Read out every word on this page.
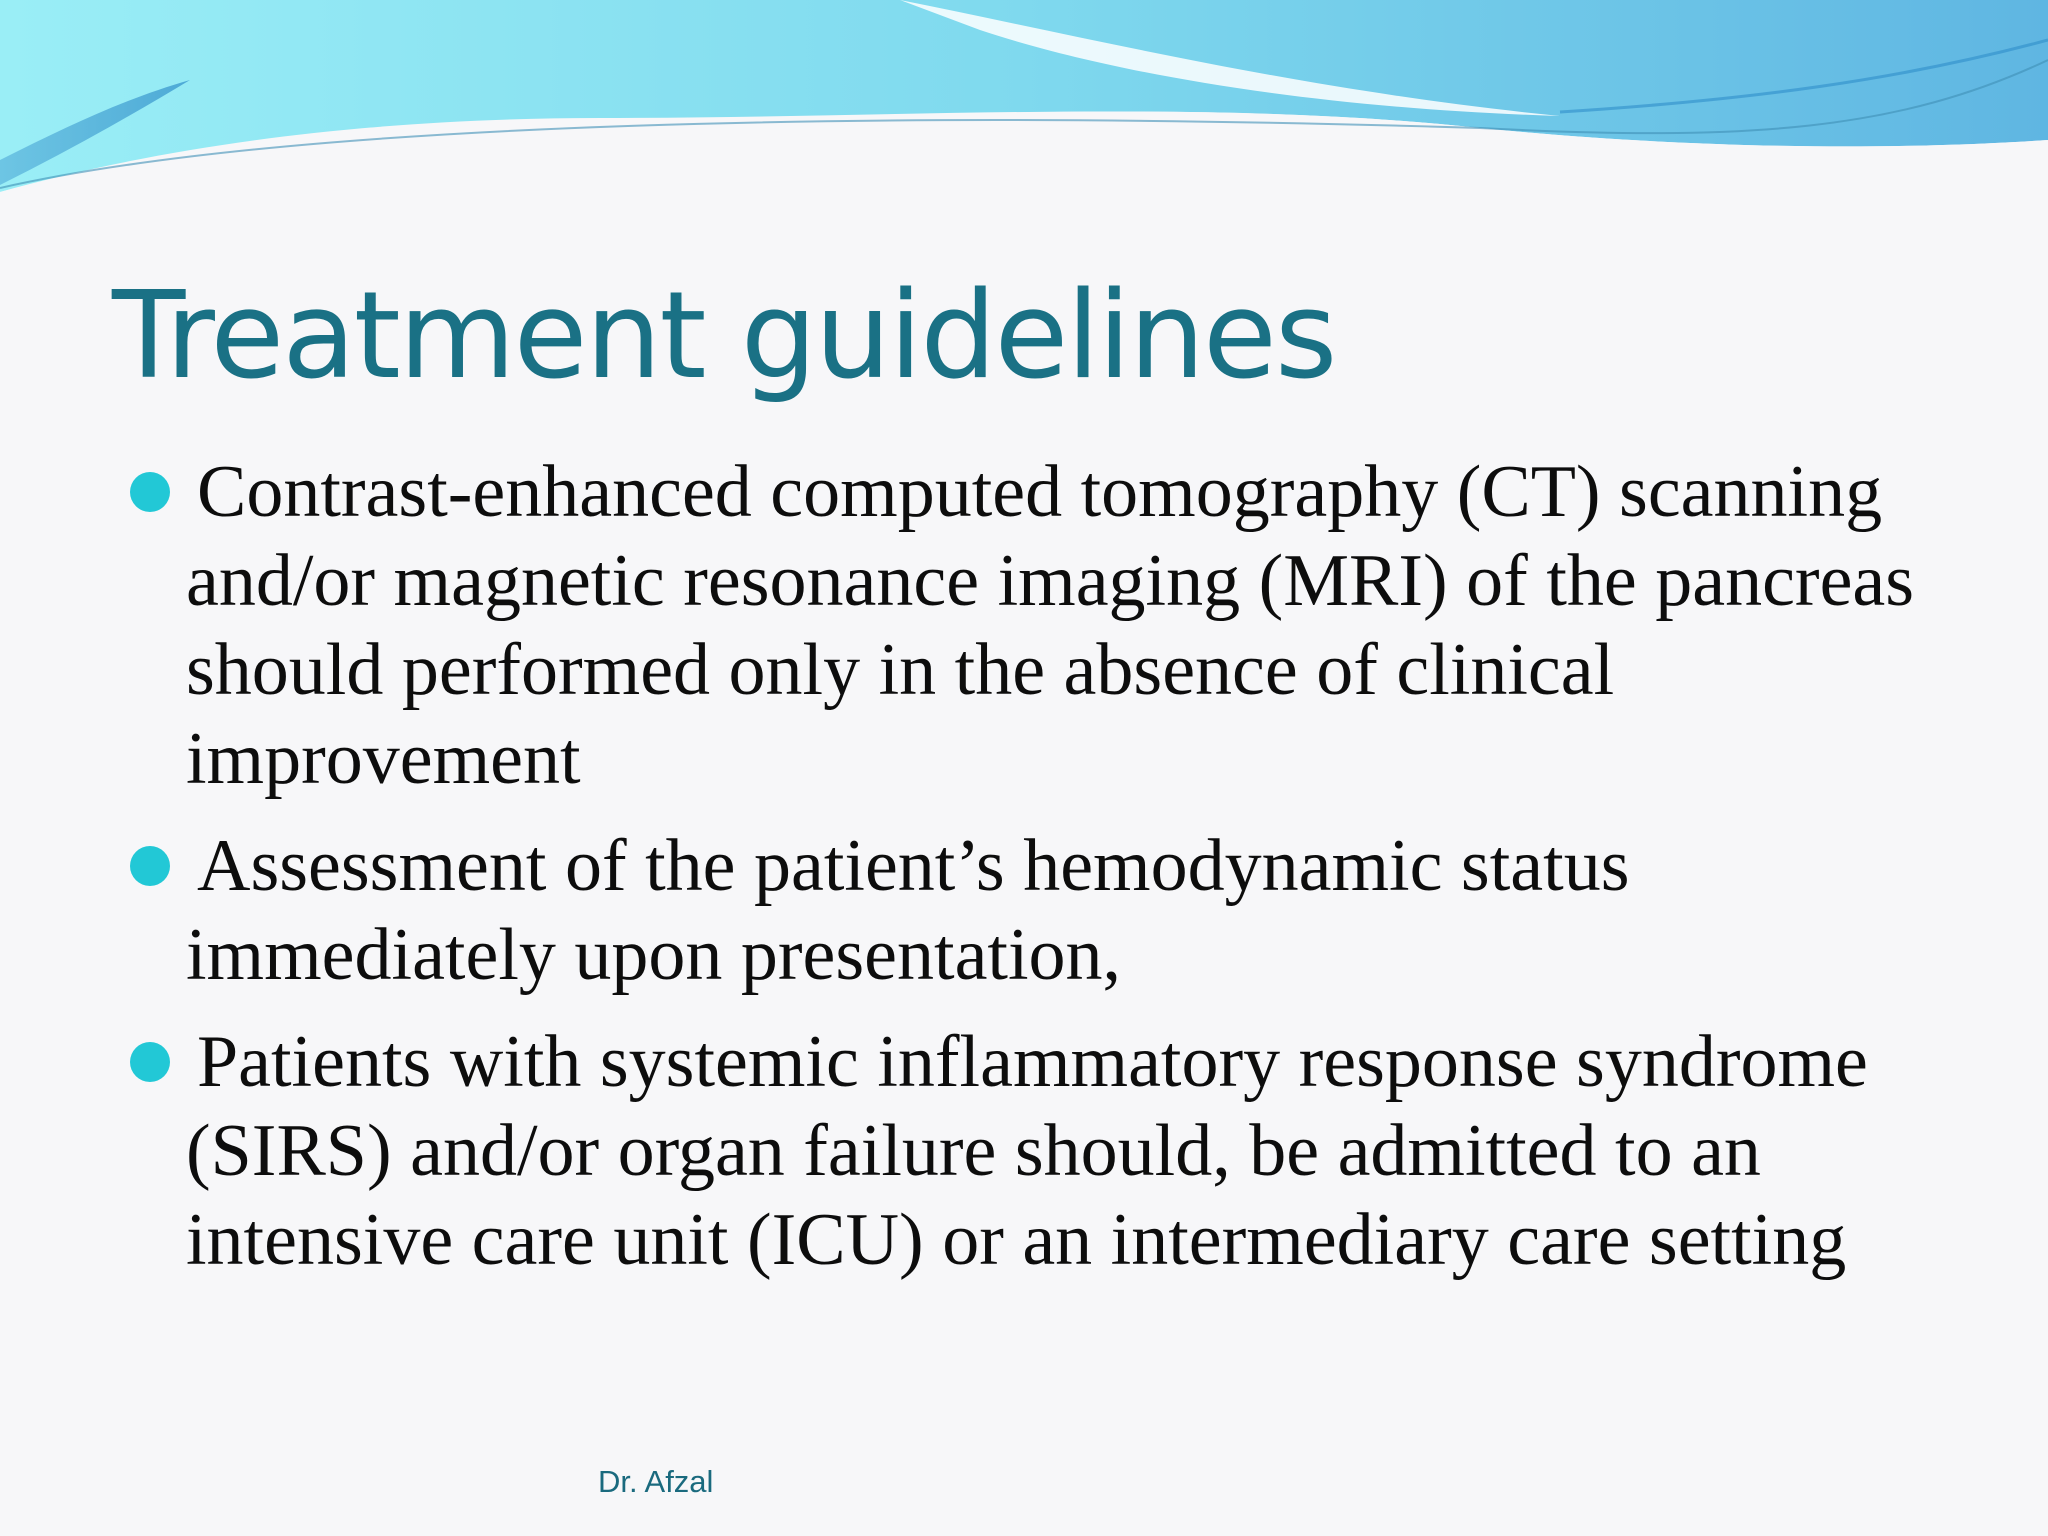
Treatment guidelines
Contrast-enhanced computed tomography (CT) scanning and/or magnetic resonance imaging (MRI) of the pancreas should performed only in the absence of clinical improvement
Assessment of the patient’s hemodynamic status immediately upon presentation,
Patients with systemic inflammatory response syndrome (SIRS) and/or organ failure should, be admitted to an intensive care unit (ICU) or an intermediary care setting
Dr. Afzal
